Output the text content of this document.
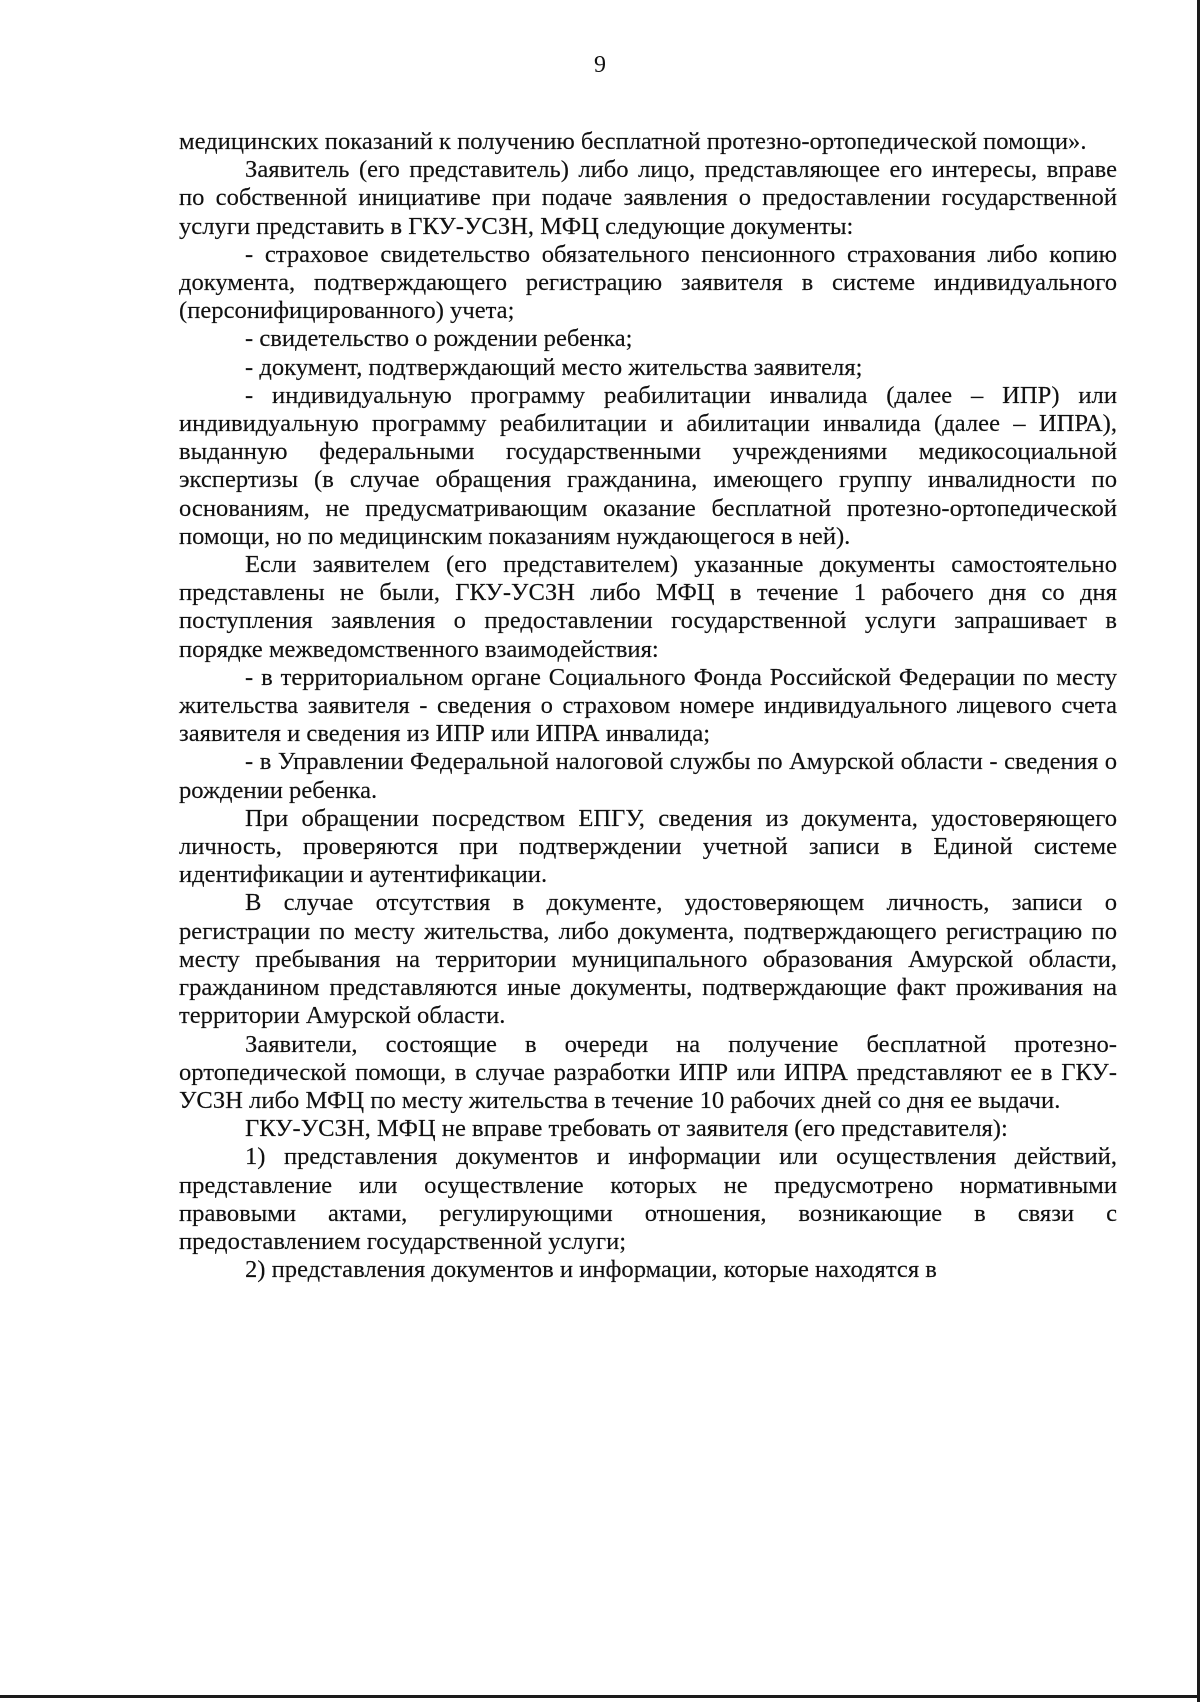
9

медицинских показаний к получению бесплатной протезно-ортопедической помощи».

Заявитель (его представитель) либо лицо, представляющее его интересы, вправе по собственной инициативе при подаче заявления о предоставлении государственной услуги представить в ГКУ-УСЗН, МФЦ следующие документы:

- страховое свидетельство обязательного пенсионного страхования либо копию документа, подтверждающего регистрацию заявителя в системе индивидуального (персонифицированного) учета;

- свидетельство о рождении ребенка;

- документ, подтверждающий место жительства заявителя;

- индивидуальную программу реабилитации инвалида (далее – ИПР) или индивидуальную программу реабилитации и абилитации инвалида (далее – ИПРА), выданную федеральными государственными учреждениями медикосоциальной экспертизы (в случае обращения гражданина, имеющего группу инвалидности по основаниям, не предусматривающим оказание бесплатной протезно-ортопедической помощи, но по медицинским показаниям нуждающегося в ней).

Если заявителем (его представителем) указанные документы самостоятельно представлены не были, ГКУ-УСЗН либо МФЦ в течение 1 рабочего дня со дня поступления заявления о предоставлении государственной услуги запрашивает в порядке межведомственного взаимодействия:

- в территориальном органе Социального Фонда Российской Федерации по месту жительства заявителя - сведения о страховом номере индивидуального лицевого счета заявителя и сведения из ИПР или ИПРА инвалида;

- в Управлении Федеральной налоговой службы по Амурской области - сведения о рождении ребенка.

При обращении посредством ЕПГУ, сведения из документа, удостоверяющего личность, проверяются при подтверждении учетной записи в Единой системе идентификации и аутентификации.

В случае отсутствия в документе, удостоверяющем личность, записи о регистрации по месту жительства, либо документа, подтверждающего регистрацию по месту пребывания на территории муниципального образования Амурской области, гражданином представляются иные документы, подтверждающие факт проживания на территории Амурской области.

Заявители, состоящие в очереди на получение бесплатной протезно-ортопедической помощи, в случае разработки ИПР или ИПРА представляют ее в ГКУ-УСЗН либо МФЦ по месту жительства в течение 10 рабочих дней со дня ее выдачи.

ГКУ-УСЗН, МФЦ не вправе требовать от заявителя (его представителя):

1) представления документов и информации или осуществления действий, представление или осуществление которых не предусмотрено нормативными правовыми актами, регулирующими отношения, возникающие в связи с предоставлением государственной услуги;

2) представления документов и информации, которые находятся в
